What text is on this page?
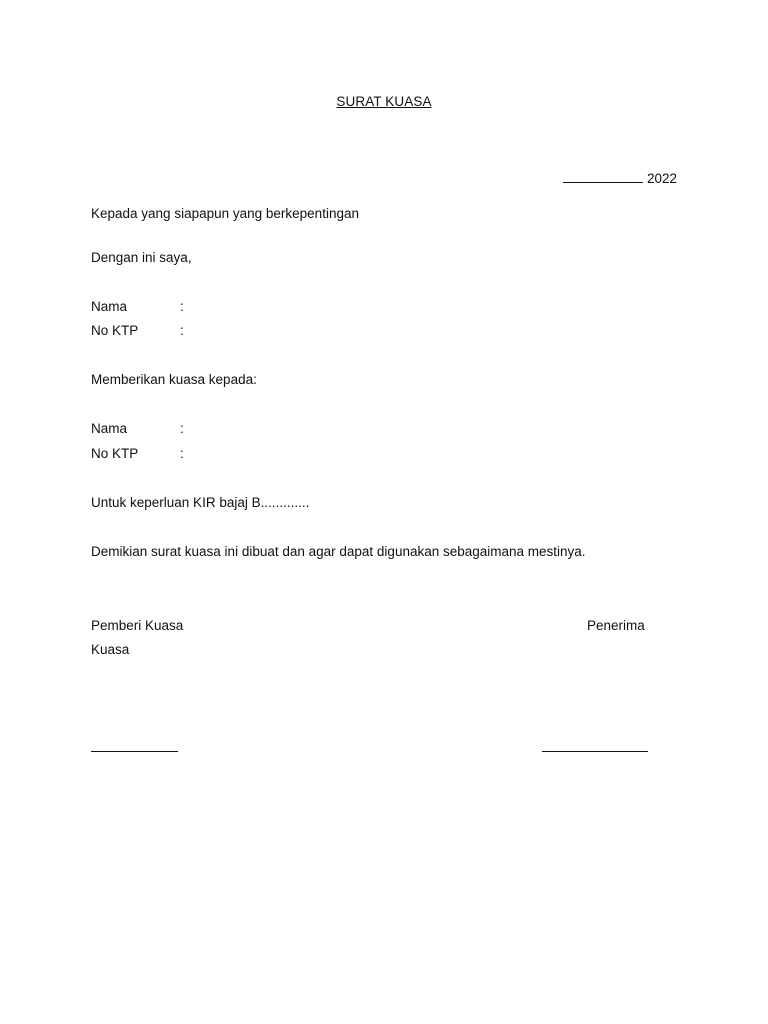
SURAT KUASA
2022
Kepada yang siapapun yang berkepentingan
Dengan ini saya,
Nama	:
No KTP	:
Memberikan kuasa kepada:
Nama	:
No KTP	:
Untuk keperluan KIR bajaj B.............
Demikian surat kuasa ini dibuat dan agar dapat digunakan sebagaimana mestinya.
Pemberi Kuasa	Penerima
Kuasa
